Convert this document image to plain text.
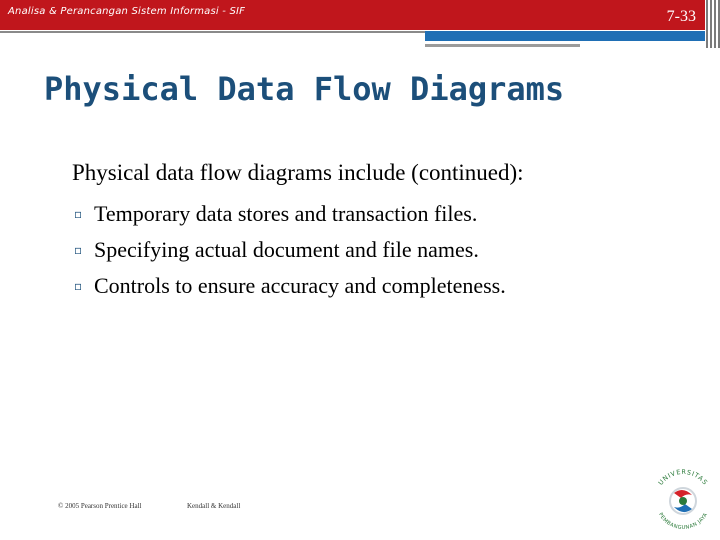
Analisa & Perancangan Sistem Informasi - SIF	7-33
Physical Data Flow Diagrams
Physical data flow diagrams include (continued):
▫ Temporary data stores and transaction files.
▫ Specifying actual document and file names.
▫ Controls to ensure accuracy and completeness.
© 2005 Pearson Prentice Hall	Kendall & Kendall
UNIVERSITAS
PEMBANGUNAN JAYA
